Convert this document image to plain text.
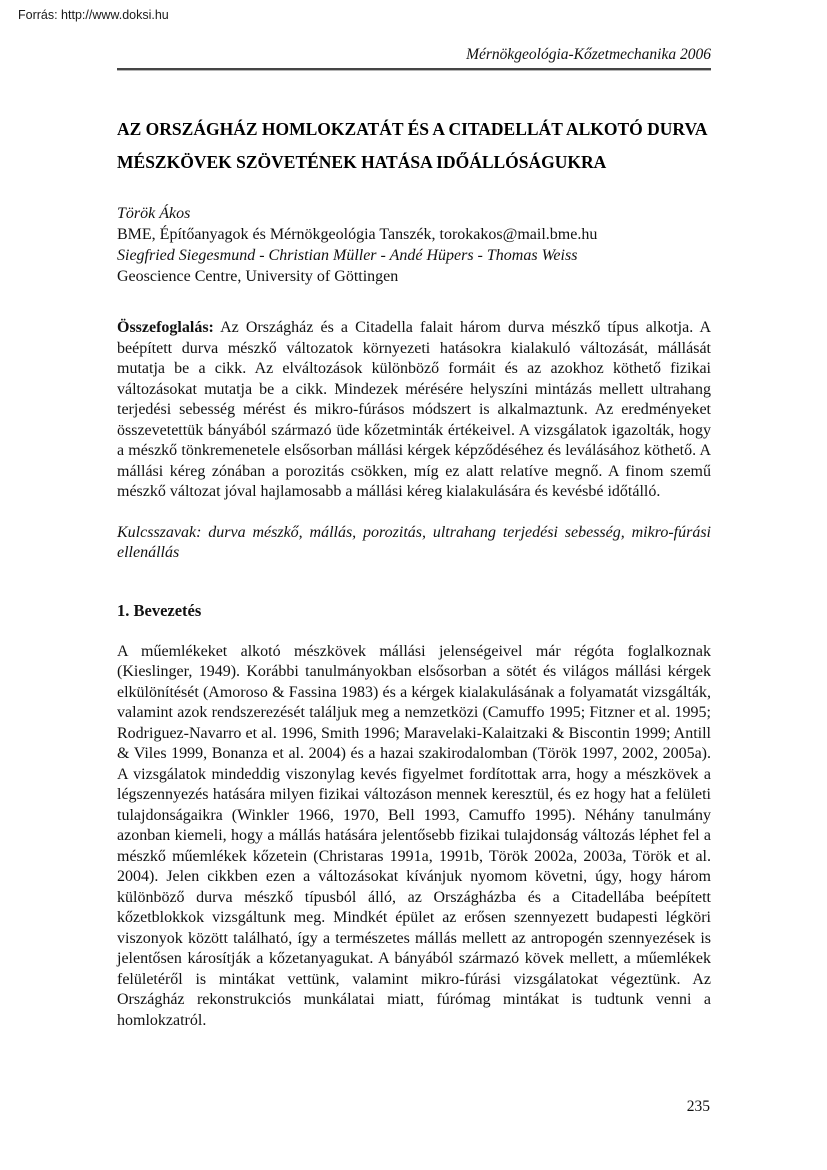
Forrás: http://www.doksi.hu
Mérnökgeológia-Kőzetmechanika 2006
AZ ORSZÁGHÁZ HOMLOKZATÁT ÉS A CITADELLÁT ALKOTÓ DURVA MÉSZKÖVEK SZÖVETÉNEK HATÁSA IDŐÁLLÓSÁGUKRA
Török Ákos
BME, Építőanyagok és Mérnökgeológia Tanszék, torokakos@mail.bme.hu
Siegfried Siegesmund - Christian Müller - Andé Hüpers - Thomas Weiss
Geoscience Centre, University of Göttingen

Összefoglalás: Az Országház és a Citadella falait három durva mészkő típus alkotja. A beépített durva mészkő változatok környezeti hatásokra kialakuló változását, mállását mutatja be a cikk. Az elváltozások különböző formáit és az azokhoz köthető fizikai változásokat mutatja be a cikk. Mindezek mérésére helyszíni mintázás mellett ultrahang terjedési sebesség mérést és mikro-fúrásos módszert is alkalmaztunk. Az eredményeket összevetettük bányából származó üde kőzetminták értékeivel. A vizsgálatok igazolták, hogy a mészkő tönkremenetele elsősorban mállási kérgek képződéséhez és leválásához köthető. A mállási kéreg zónában a porozitás csökken, míg ez alatt relatíve megnő. A finom szemű mészkő változat jóval hajlamosabb a mállási kéreg kialakulására és kevésbé időtálló.

Kulcsszavak: durva mészkő, mállás, porozitás, ultrahang terjedési sebesség, mikro-fúrási ellenállás

1. Bevezetés

A műemlékeket alkotó mészkövek mállási jelenségeivel már régóta foglalkoznak (Kieslinger, 1949). Korábbi tanulmányokban elsősorban a sötét és világos mállási kérgek elkülönítését (Amoroso & Fassina 1983) és a kérgek kialakulásának a folyamatát vizsgálták, valamint azok rendszerezését találjuk meg a nemzetközi (Camuffo 1995; Fitzner et al. 1995; Rodriguez-Navarro et al. 1996, Smith 1996; Maravelaki-Kalaitzaki & Biscontin 1999; Antill & Viles 1999, Bonanza et al. 2004) és a hazai szakirodalomban (Török 1997, 2002, 2005a). A vizsgálatok mindeddig viszonylag kevés figyelmet fordítottak arra, hogy a mészkövek a légszennyezés hatására milyen fizikai változáson mennek keresztül, és ez hogy hat a felületi tulajdonságaikra (Winkler 1966, 1970, Bell 1993, Camuffo 1995). Néhány tanulmány azonban kiemeli, hogy a mállás hatására jelentősebb fizikai tulajdonság változás léphet fel a mészkő műemlékek kőzetein (Christaras 1991a, 1991b, Török 2002a, 2003a, Török et al. 2004). Jelen cikkben ezen a változásokat kívánjuk nyomom követni, úgy, hogy három különböző durva mészkő típusból álló, az Országházba és a Citadellába beépített kőzetblokkok vizsgáltunk meg. Mindkét épület az erősen szennyezett budapesti légköri viszonyok között található, így a természetes mállás mellett az antropogén szennyezések is jelentősen károsítják a kőzetanyagukat. A bányából származó kövek mellett, a műemlékek felületéről is mintákat vettünk, valamint mikro-fúrási vizsgálatokat végeztünk. Az Országház rekonstrukciós munkálatai miatt, fúrómag mintákat is tudtunk venni a homlokzatról.

235
